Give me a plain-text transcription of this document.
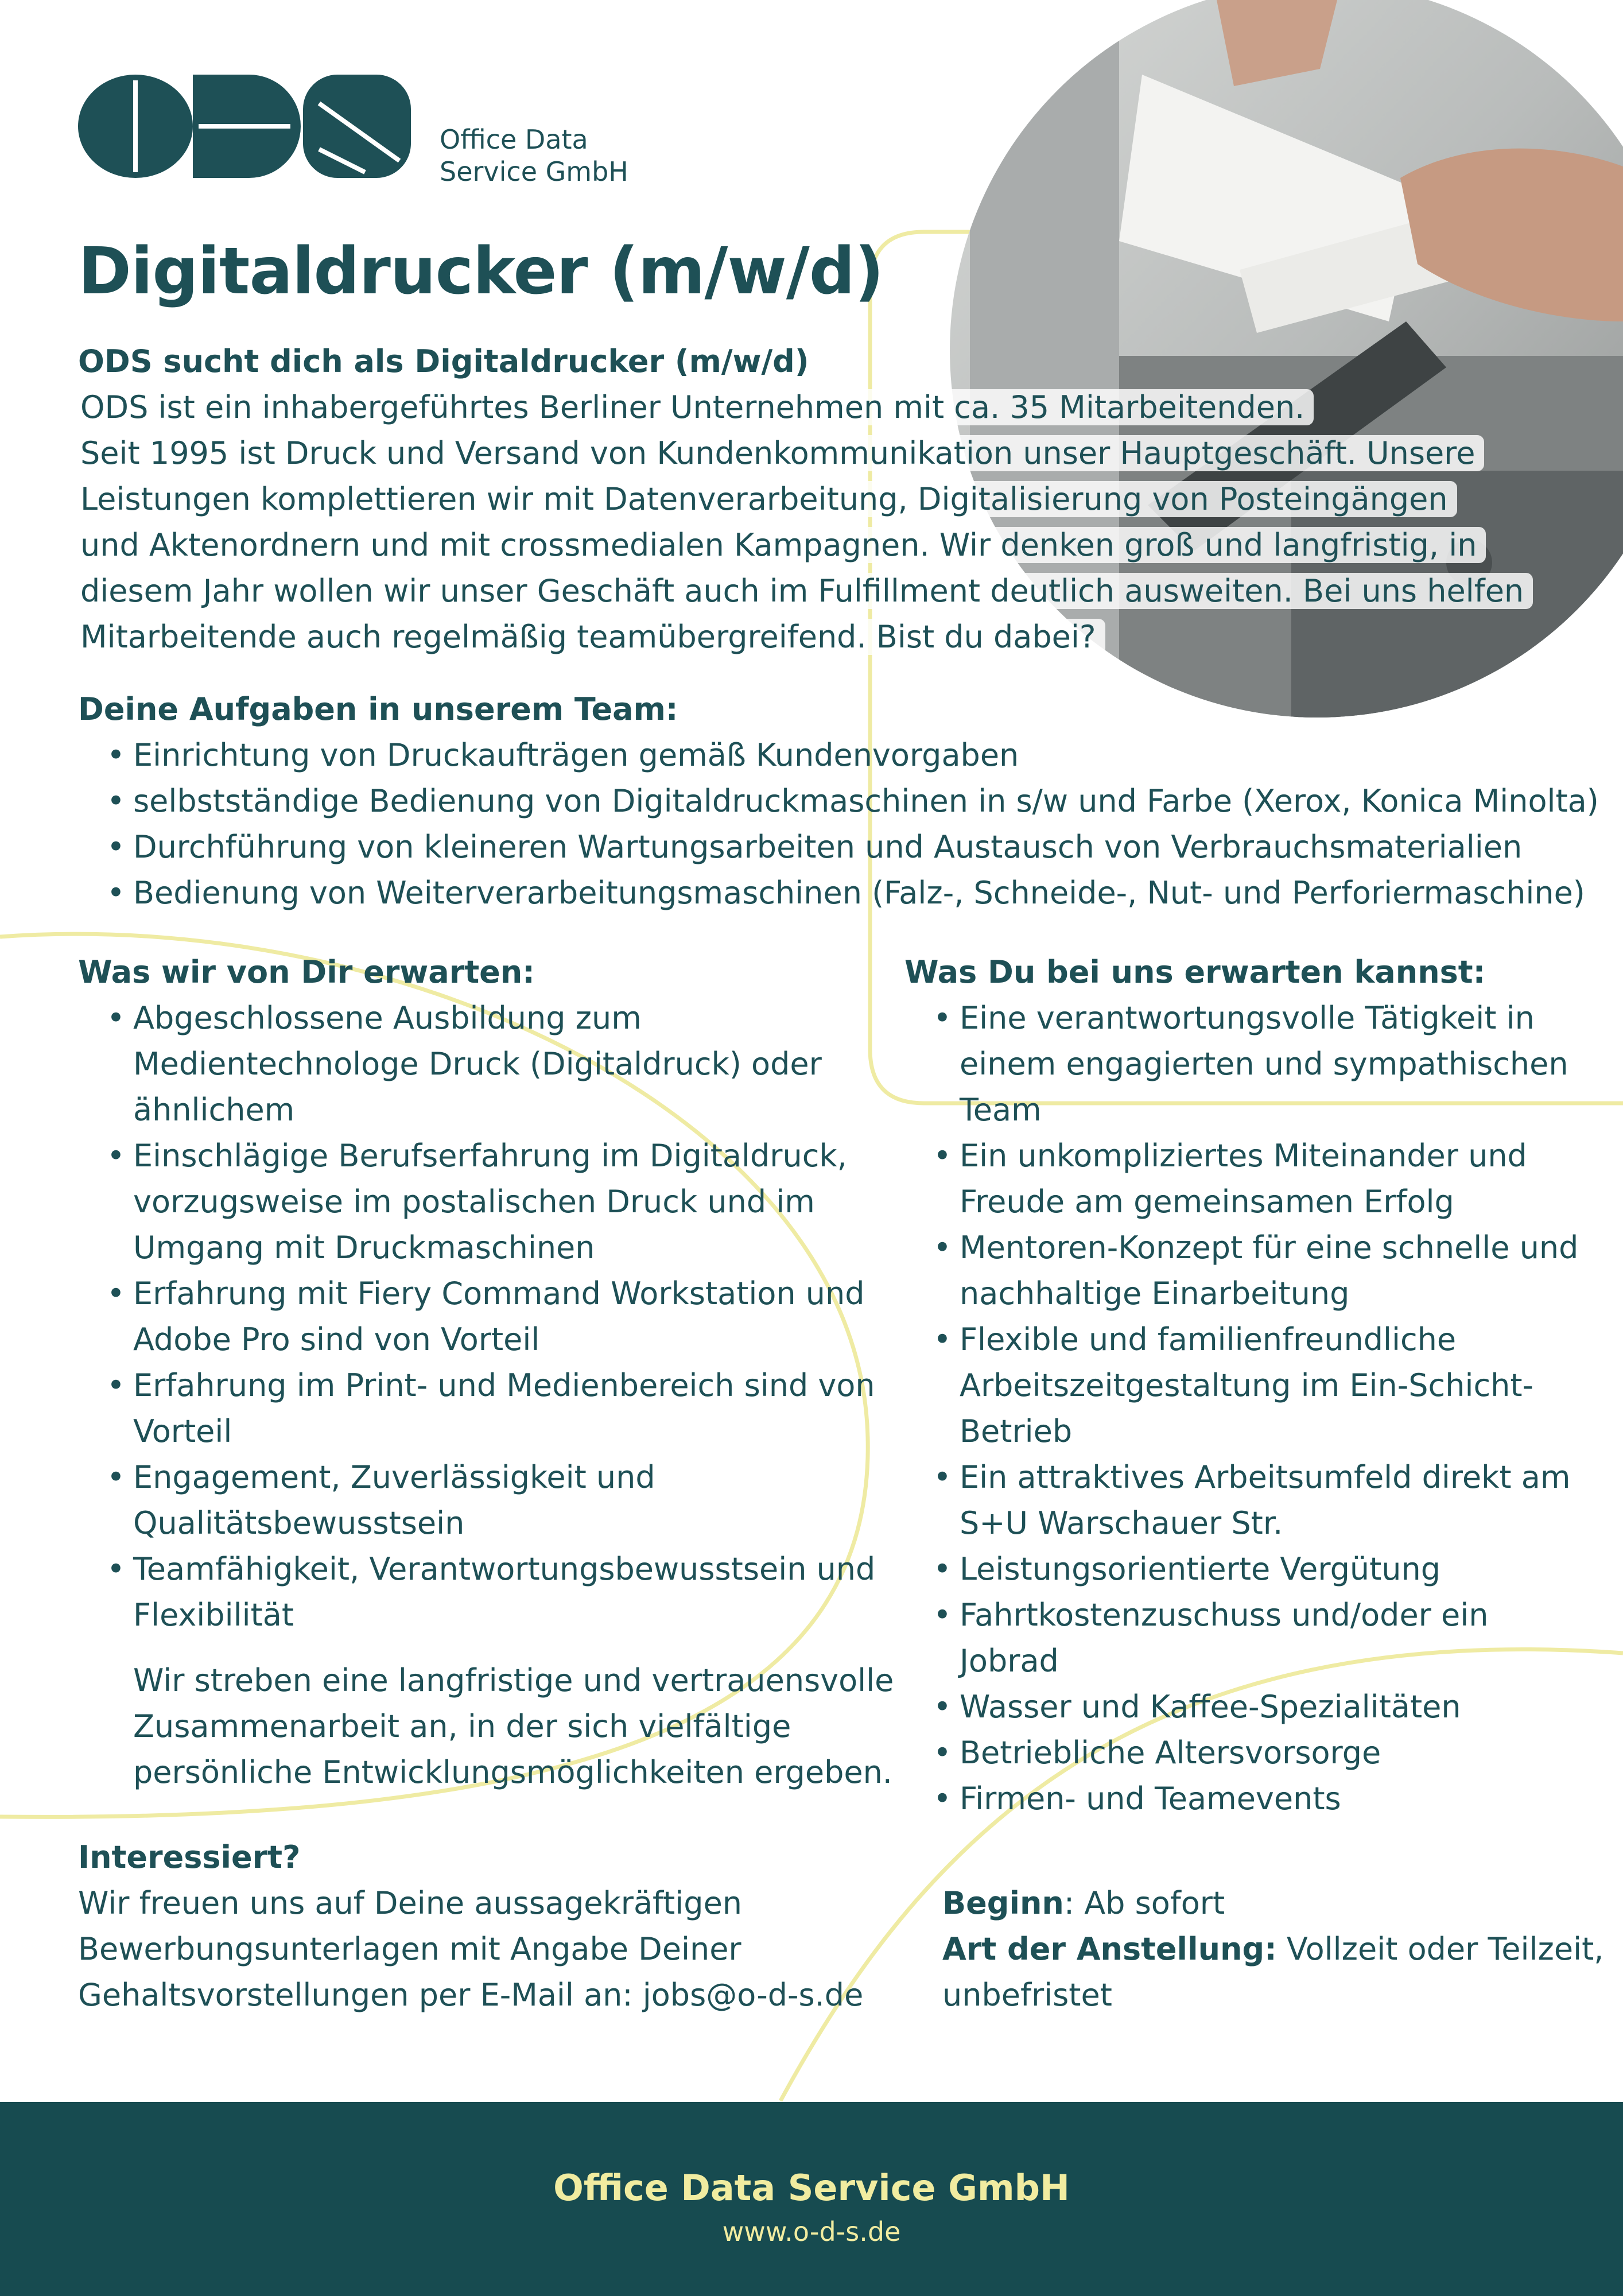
Office Data
Service GmbH
Digitaldrucker (m/w/d)
ODS sucht dich als Digitaldrucker (m/w/d)
ODS ist ein inhabergeführtes Berliner Unternehmen mit ca. 35 Mitarbeitenden.
Seit 1995 ist Druck und Versand von Kundenkommunikation unser Hauptgeschäft. Unsere
Leistungen komplettieren wir mit Datenverarbeitung, Digitalisierung von Posteingängen
und Aktenordnern und mit crossmedialen Kampagnen. Wir denken groß und langfristig, in
diesem Jahr wollen wir unser Geschäft auch im Fulfillment deutlich ausweiten. Bei uns helfen
Mitarbeitende auch regelmäßig teamübergreifend. Bist du dabei?
Deine Aufgaben in unserem Team:
• Einrichtung von Druckaufträgen gemäß Kundenvorgaben
• selbstständige Bedienung von Digitaldruckmaschinen in s/w und Farbe (Xerox, Konica Minolta)
• Durchführung von kleineren Wartungsarbeiten und Austausch von Verbrauchsmaterialien
• Bedienung von Weiterverarbeitungsmaschinen (Falz-, Schneide-, Nut- und Perforiermaschine)
Was wir von Dir erwarten:
• Abgeschlossene Ausbildung zum
Medientechnologe Druck (Digitaldruck) oder
ähnlichem
• Einschlägige Berufserfahrung im Digitaldruck,
vorzugsweise im postalischen Druck und im
Umgang mit Druckmaschinen
• Erfahrung mit Fiery Command Workstation und
Adobe Pro sind von Vorteil
• Erfahrung im Print- und Medienbereich sind von
Vorteil
• Engagement, Zuverlässigkeit und
Qualitätsbewusstsein
• Teamfähigkeit, Verantwortungsbewusstsein und
Flexibilität
Wir streben eine langfristige und vertrauensvolle
Zusammenarbeit an, in der sich vielfältige
persönliche Entwicklungsmöglichkeiten ergeben.
Was Du bei uns erwarten kannst:
• Eine verantwortungsvolle Tätigkeit in
einem engagierten und sympathischen
Team
• Ein unkompliziertes Miteinander und
Freude am gemeinsamen Erfolg
• Mentoren-Konzept für eine schnelle und
nachhaltige Einarbeitung
• Flexible und familienfreundliche
Arbeitszeitgestaltung im Ein-Schicht-
Betrieb
• Ein attraktives Arbeitsumfeld direkt am
S+U Warschauer Str.
• Leistungsorientierte Vergütung
• Fahrtkostenzuschuss und/oder ein
Jobrad
• Wasser und Kaffee-Spezialitäten
• Betriebliche Altersvorsorge
• Firmen- und Teamevents
Interessiert?
Wir freuen uns auf Deine aussagekräftigen
Bewerbungsunterlagen mit Angabe Deiner
Gehaltsvorstellungen per E-Mail an: jobs@o-d-s.de
Beginn: Ab sofort
Art der Anstellung: Vollzeit oder Teilzeit,
unbefristet
Office Data Service GmbH
www.o-d-s.de
